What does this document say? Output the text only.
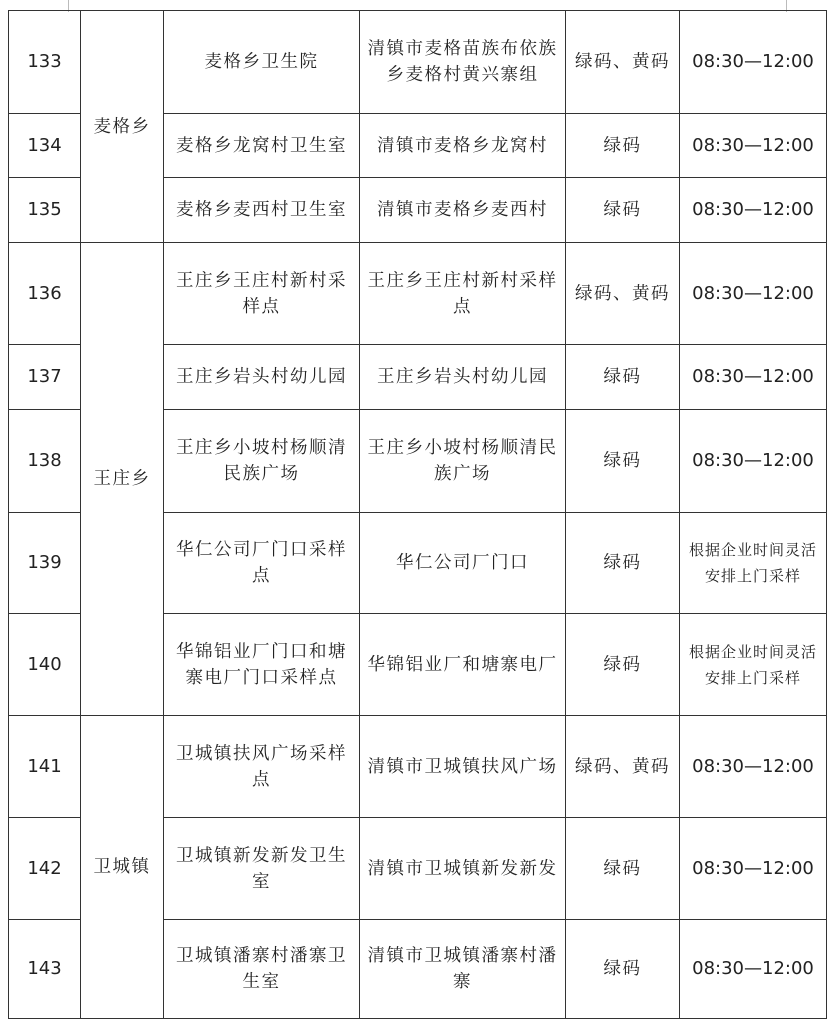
133	麦格乡	麦格乡卫生院	清镇市麦格苗族布依族乡麦格村黄兴寨组	绿码、黄码	08:30—12:00
134		麦格乡龙窝村卫生室	清镇市麦格乡龙窝村	绿码	08:30—12:00
135		麦格乡麦西村卫生室	清镇市麦格乡麦西村	绿码	08:30—12:00
136	王庄乡	王庄乡王庄村新村采样点	王庄乡王庄村新村采样点	绿码、黄码	08:30—12:00
137		王庄乡岩头村幼儿园	王庄乡岩头村幼儿园	绿码	08:30—12:00
138		王庄乡小坡村杨顺清民族广场	王庄乡小坡村杨顺清民族广场	绿码	08:30—12:00
139		华仁公司厂门口采样点	华仁公司厂门口	绿码	根据企业时间灵活安排上门采样
140		华锦铝业厂门口和塘寨电厂门口采样点	华锦铝业厂和塘寨电厂	绿码	根据企业时间灵活安排上门采样
141	卫城镇	卫城镇扶风广场采样点	清镇市卫城镇扶风广场	绿码、黄码	08:30—12:00
142		卫城镇新发新发卫生室	清镇市卫城镇新发新发	绿码	08:30—12:00
143		卫城镇潘寨村潘寨卫生室	清镇市卫城镇潘寨村潘寨	绿码	08:30—12:00
